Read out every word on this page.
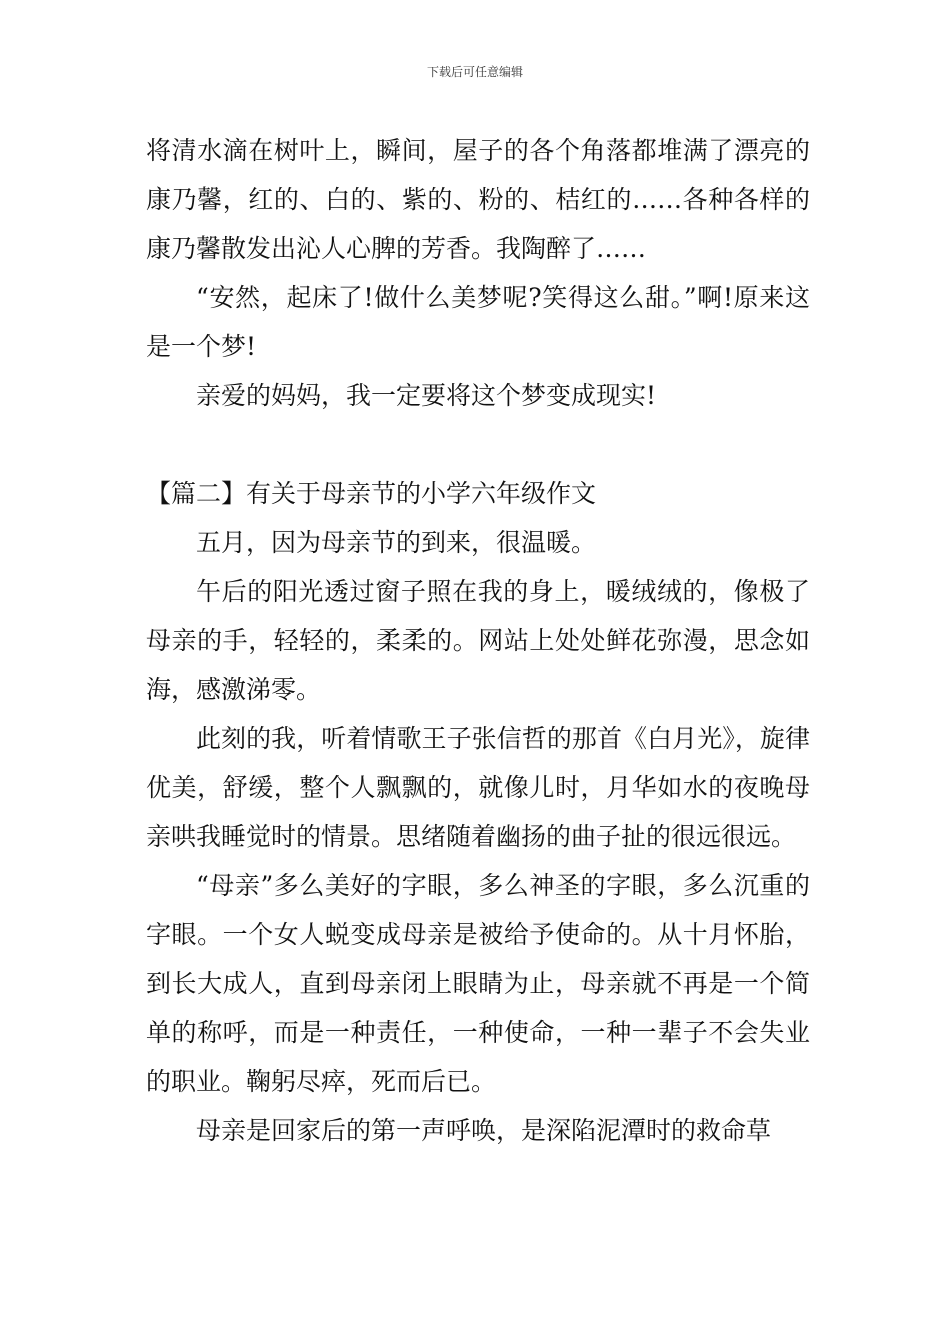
下载后可任意编辑

将清水滴在树叶上，瞬间，屋子的各个角落都堆满了漂亮的康乃馨，红的、白的、紫的、粉的、桔红的……各种各样的康乃馨散发出沁人心脾的芳香。我陶醉了……

“安然，起床了!做什么美梦呢?笑得这么甜。”啊!原来这是一个梦!

亲爱的妈妈，我一定要将这个梦变成现实!

【篇二】有关于母亲节的小学六年级作文

五月，因为母亲节的到来，很温暖。

午后的阳光透过窗子照在我的身上，暖绒绒的，像极了母亲的手，轻轻的，柔柔的。网站上处处鲜花弥漫，思念如海，感激涕零。

此刻的我，听着情歌王子张信哲的那首《白月光》，旋律优美，舒缓，整个人飘飘的，就像儿时，月华如水的夜晚母亲哄我睡觉时的情景。思绪随着幽扬的曲子扯的很远很远。

“母亲”多么美好的字眼，多么神圣的字眼，多么沉重的字眼。一个女人蜕变成母亲是被给予使命的。从十月怀胎，到长大成人，直到母亲闭上眼睛为止，母亲就不再是一个简单的称呼，而是一种责任，一种使命，一种一辈子不会失业的职业。鞠躬尽瘁，死而后已。

母亲是回家后的第一声呼唤，是深陷泥潭时的救命草
